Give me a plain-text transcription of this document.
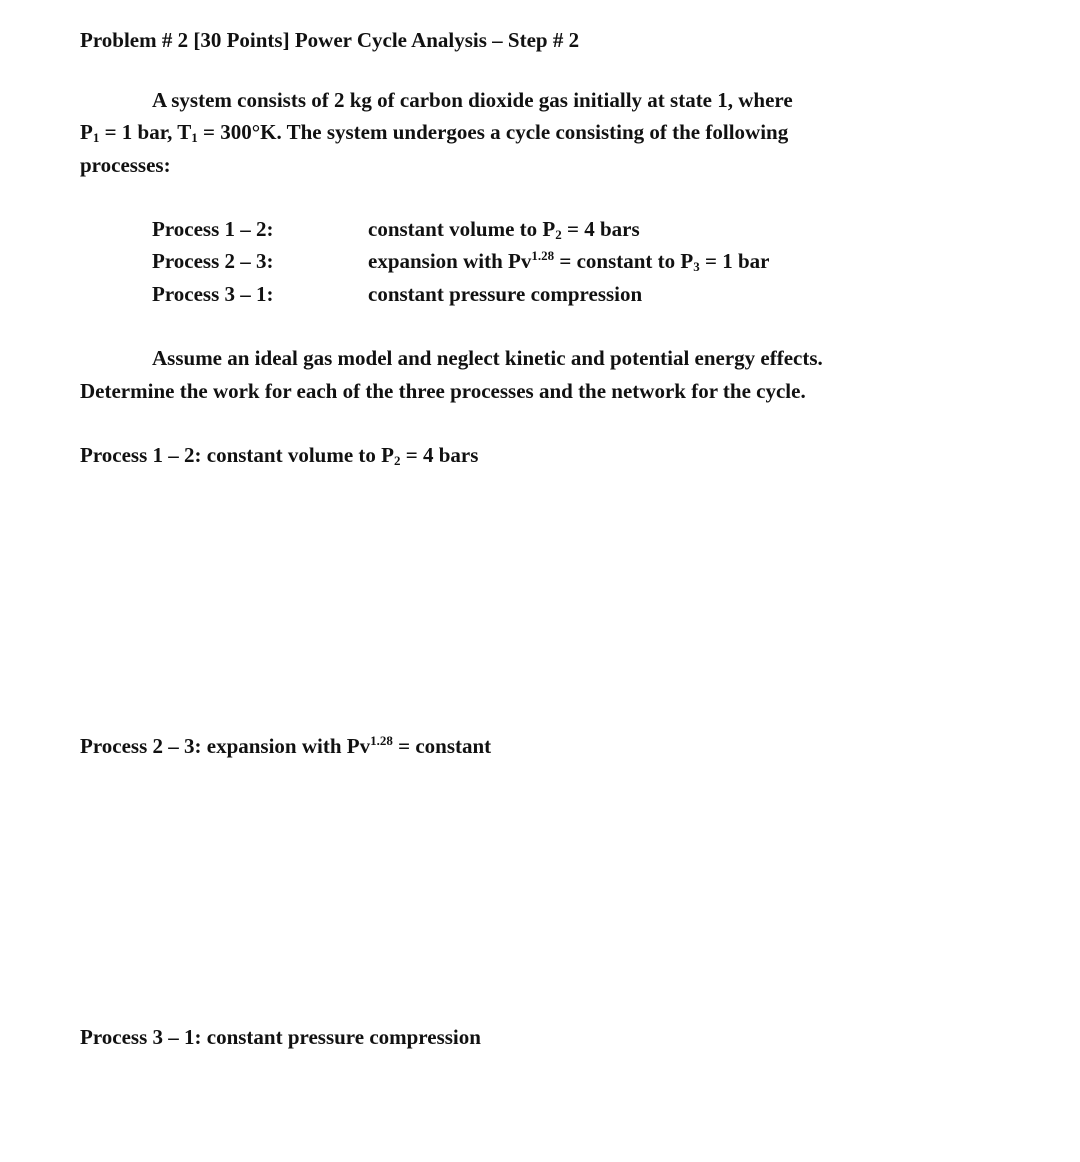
Problem # 2 [30 Points] Power Cycle Analysis – Step # 2
A system consists of 2 kg of carbon dioxide gas initially at state 1, where
$P_1 = 1$ bar, $T_1 = 300^\circ K$. The system undergoes a cycle consisting of the following
processes:
Process 1 – 2:	constant volume to $P_2 = 4$ bars
Process 2 – 3:	expansion with $Pv^{1.28}$ = constant to $P_3 = 1$ bar
Process 3 – 1:	constant pressure compression
Assume an ideal gas model and neglect kinetic and potential energy effects.
Determine the work for each of the three processes and the network for the cycle.
Process 1 – 2: constant volume to $P_2 = 4$ bars
Process 2 – 3: expansion with $Pv^{1.28}$ = constant
Process 3 – 1: constant pressure compression
